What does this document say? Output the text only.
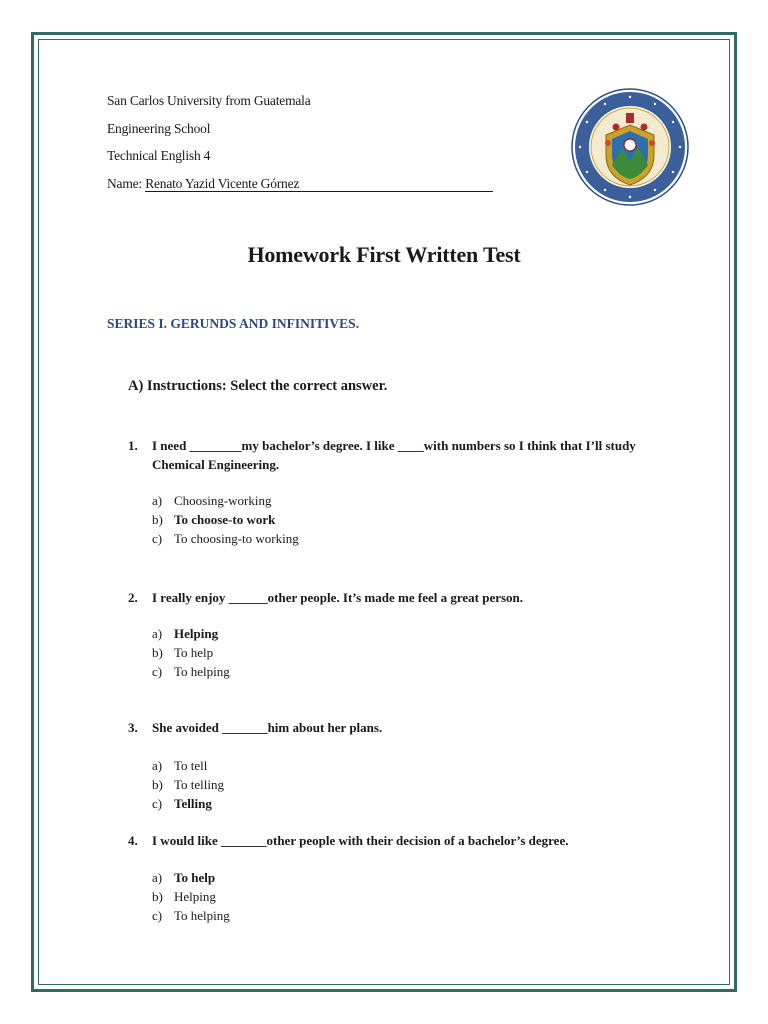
San Carlos University from Guatemala
Engineering School
Technical English 4
Name: Renato Yazid Vicente Górnez
Homework First Written Test
SERIES I. GERUNDS AND INFINITIVES.
A) Instructions: Select the correct answer.
1.	I need ________my bachelor’s degree. I like ____with numbers so I think that I’ll study Chemical Engineering.
a) Choosing-working
b) To choose-to work
c) To choosing-to working
2.	I really enjoy ______other people. It’s made me feel a great person.
a) Helping
b) To help
c) To helping
3.	She avoided _______him about her plans.
a) To tell
b) To telling
c) Telling
4.	I would like _______other people with their decision of a bachelor’s degree.
a) To help
b) Helping
c) To helping
